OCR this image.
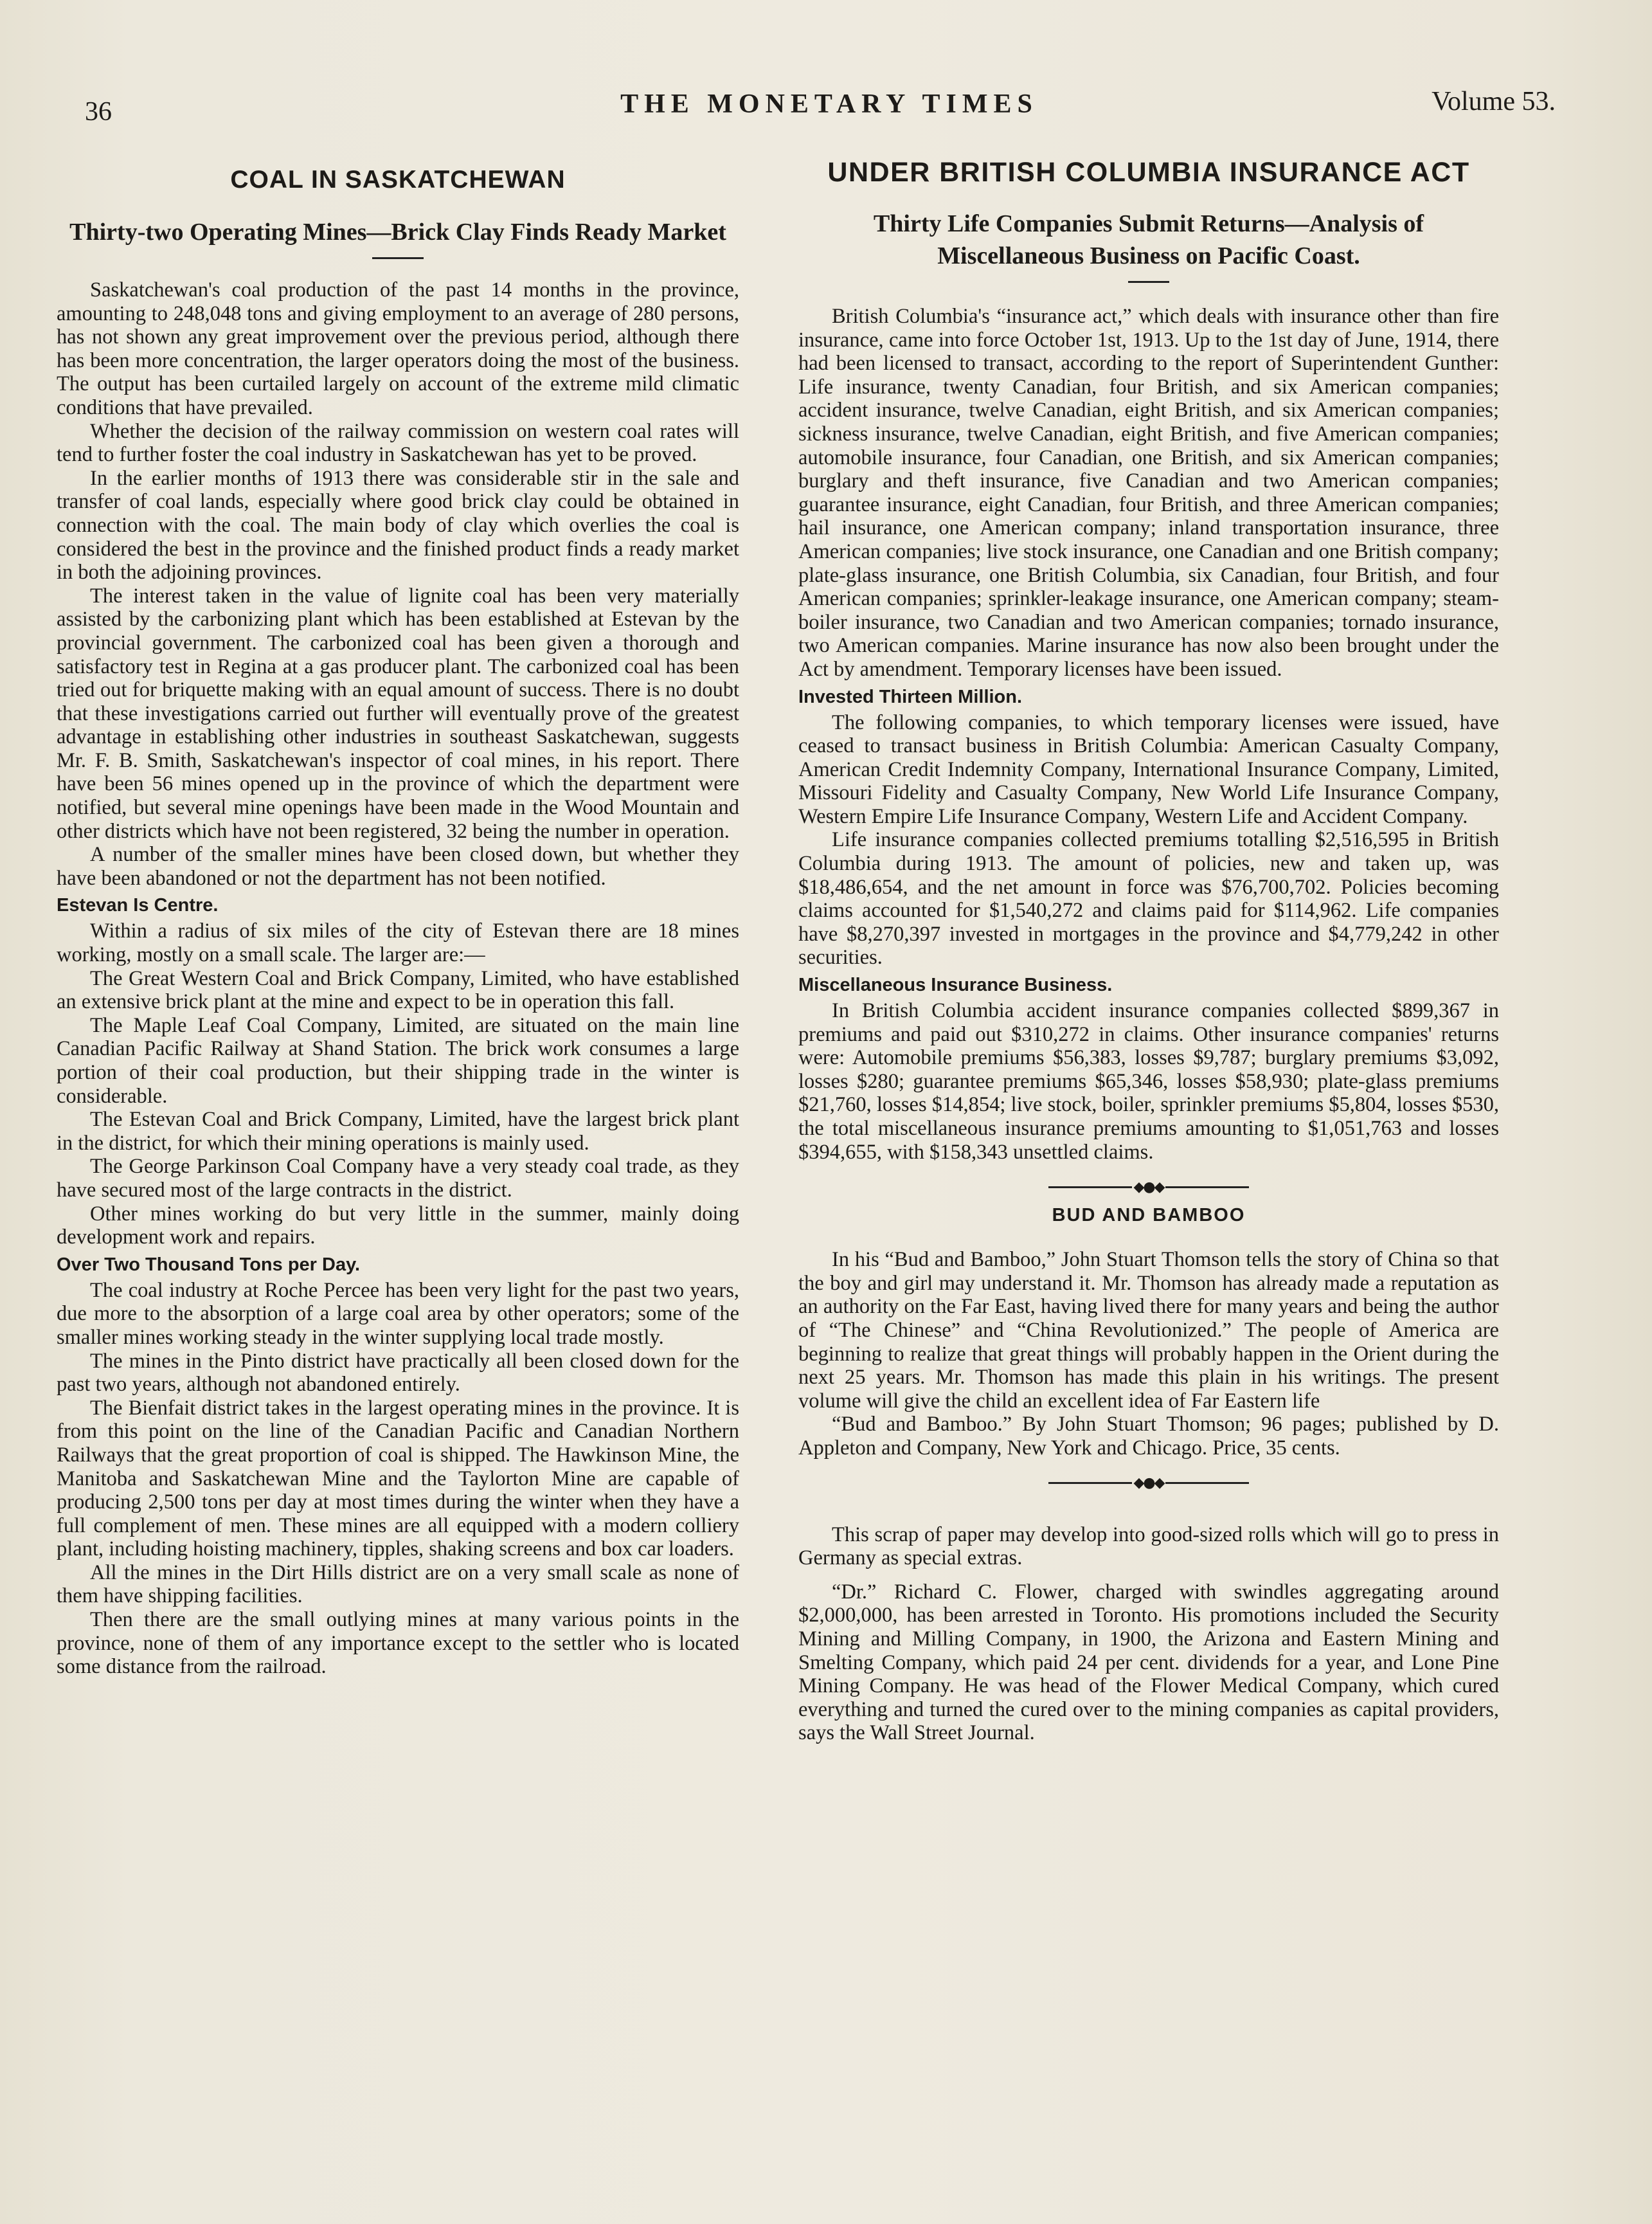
36	THE MONETARY TIMES	Volume 53.
COAL IN SASKATCHEWAN
Thirty-two Operating Mines—Brick Clay Finds Ready Market

Saskatchewan's coal production of the past 14 months in the province, amounting to 248,048 tons and giving employment to an average of 280 persons, has not shown any great improvement over the previous period, although there has been more concentration, the larger operators doing the most of the business. The output has been curtailed largely on account of the extreme mild climatic conditions that have prevailed.

Whether the decision of the railway commission on western coal rates will tend to further foster the coal industry in Saskatchewan has yet to be proved.

In the earlier months of 1913 there was considerable stir in the sale and transfer of coal lands, especially where good brick clay could be obtained in connection with the coal. The main body of clay which overlies the coal is considered the best in the province and the finished product finds a ready market in both the adjoining provinces.

The interest taken in the value of lignite coal has been very materially assisted by the carbonizing plant which has been established at Estevan by the provincial government. The carbonized coal has been given a thorough and satisfactory test in Regina at a gas producer plant. The carbonized coal has been tried out for briquette making with an equal amount of success. There is no doubt that these investigations carried out further will eventually prove of the greatest advantage in establishing other industries in southeast Saskatchewan, suggests Mr. F. B. Smith, Saskatchewan's inspector of coal mines, in his report. There have been 56 mines opened up in the province of which the department were notified, but several mine openings have been made in the Wood Mountain and other districts which have not been registered, 32 being the number in operation.

A number of the smaller mines have been closed down, but whether they have been abandoned or not the department has not been notified.

Estevan Is Centre.

Within a radius of six miles of the city of Estevan there are 18 mines working, mostly on a small scale. The larger are:—

The Great Western Coal and Brick Company, Limited, who have established an extensive brick plant at the mine and expect to be in operation this fall.

The Maple Leaf Coal Company, Limited, are situated on the main line Canadian Pacific Railway at Shand Station. The brick work consumes a large portion of their coal production, but their shipping trade in the winter is considerable.

The Estevan Coal and Brick Company, Limited, have the largest brick plant in the district, for which their mining operations is mainly used.

The George Parkinson Coal Company have a very steady coal trade, as they have secured most of the large contracts in the district.

Other mines working do but very little in the summer, mainly doing development work and repairs.

Over Two Thousand Tons per Day.

The coal industry at Roche Percee has been very light for the past two years, due more to the absorption of a large coal area by other operators; some of the smaller mines working steady in the winter supplying local trade mostly.

The mines in the Pinto district have practically all been closed down for the past two years, although not abandoned entirely.

The Bienfait district takes in the largest operating mines in the province. It is from this point on the line of the Canadian Pacific and Canadian Northern Railways that the great proportion of coal is shipped. The Hawkinson Mine, the Manitoba and Saskatchewan Mine and the Taylorton Mine are capable of producing 2,500 tons per day at most times during the winter when they have a full complement of men. These mines are all equipped with a modern colliery plant, including hoisting machinery, tipples, shaking screens and box car loaders.

All the mines in the Dirt Hills district are on a very small scale as none of them have shipping facilities.

Then there are the small outlying mines at many various points in the province, none of them of any importance except to the settler who is located some distance from the railroad.

UNDER BRITISH COLUMBIA INSURANCE ACT
Thirty Life Companies Submit Returns—Analysis of Miscellaneous Business on Pacific Coast.

British Columbia's “insurance act,” which deals with insurance other than fire insurance, came into force October 1st, 1913. Up to the 1st day of June, 1914, there had been licensed to transact, according to the report of Superintendent Gunther: Life insurance, twenty Canadian, four British, and six American companies; accident insurance, twelve Canadian, eight British, and six American companies; sickness insurance, twelve Canadian, eight British, and five American companies; automobile insurance, four Canadian, one British, and six American companies; burglary and theft insurance, five Canadian and two American companies; guarantee insurance, eight Canadian, four British, and three American companies; hail insurance, one American company; inland transportation insurance, three American companies; live stock insurance, one Canadian and one British company; plate-glass insurance, one British Columbia, six Canadian, four British, and four American companies; sprinkler-leakage insurance, one American company; steam-boiler insurance, two Canadian and two American companies; tornado insurance, two American companies. Marine insurance has now also been brought under the Act by amendment. Temporary licenses have been issued.

Invested Thirteen Million.

The following companies, to which temporary licenses were issued, have ceased to transact business in British Columbia: American Casualty Company, American Credit Indemnity Company, International Insurance Company, Limited, Missouri Fidelity and Casualty Company, New World Life Insurance Company, Western Empire Life Insurance Company, Western Life and Accident Company.

Life insurance companies collected premiums totalling $2,516,595 in British Columbia during 1913. The amount of policies, new and taken up, was $18,486,654, and the net amount in force was $76,700,702. Policies becoming claims accounted for $1,540,272 and claims paid for $114,962. Life companies have $8,270,397 invested in mortgages in the province and $4,779,242 in other securities.

Miscellaneous Insurance Business.

In British Columbia accident insurance companies collected $899,367 in premiums and paid out $310,272 in claims. Other insurance companies' returns were: Automobile premiums $56,383, losses $9,787; burglary premiums $3,092, losses $280; guarantee premiums $65,346, losses $58,930; plate-glass premiums $21,760, losses $14,854; live stock, boiler, sprinkler premiums $5,804, losses $530, the total miscellaneous insurance premiums amounting to $1,051,763 and losses $394,655, with $158,343 unsettled claims.

◆●◆
BUD AND BAMBOO

In his “Bud and Bamboo,” John Stuart Thomson tells the story of China so that the boy and girl may understand it. Mr. Thomson has already made a reputation as an authority on the Far East, having lived there for many years and being the author of “The Chinese” and “China Revolutionized.” The people of America are beginning to realize that great things will probably happen in the Orient during the next 25 years. Mr. Thomson has made this plain in his writings. The present volume will give the child an excellent idea of Far Eastern life

“Bud and Bamboo.” By John Stuart Thomson; 96 pages; published by D. Appleton and Company, New York and Chicago. Price, 35 cents.

◆●◆

This scrap of paper may develop into good-sized rolls which will go to press in Germany as special extras.

“Dr.” Richard C. Flower, charged with swindles aggregating around $2,000,000, has been arrested in Toronto. His promotions included the Security Mining and Milling Company, in 1900, the Arizona and Eastern Mining and Smelting Company, which paid 24 per cent. dividends for a year, and Lone Pine Mining Company. He was head of the Flower Medical Company, which cured everything and turned the cured over to the mining companies as capital providers, says the Wall Street Journal.
